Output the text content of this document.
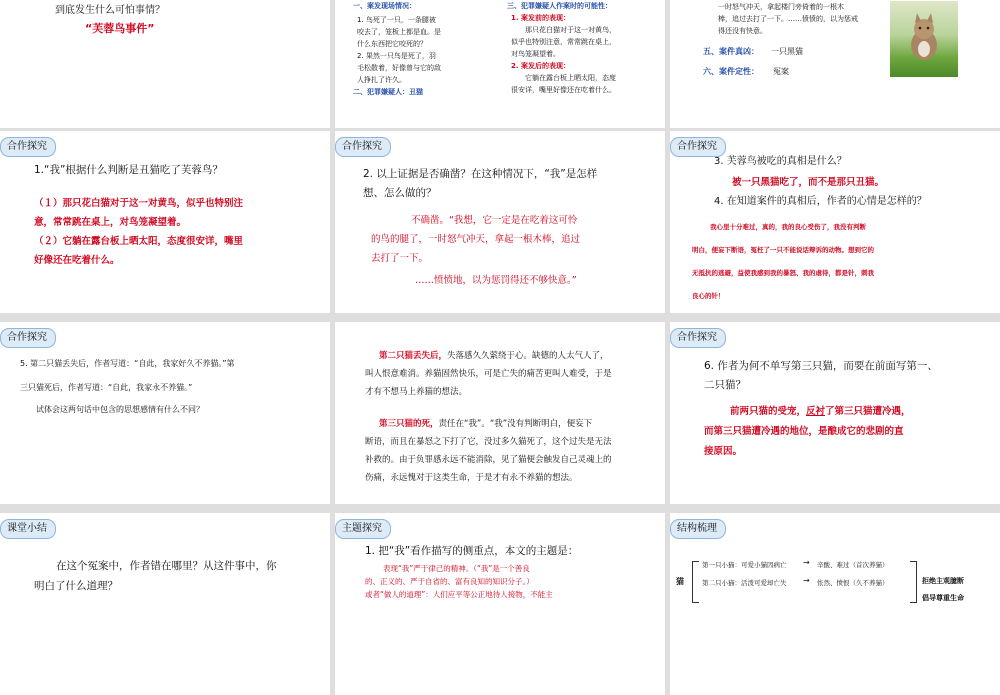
到底发生什么可怕事情？
“芙蓉鸟事件”
一、案发现场情况：
1. 鸟死了一只，一条腿被
咬去了，笼板上都是血。是
什么东西把它咬死的？
2. 果然一只鸟是死了，羽
毛松散着，好像曾与它的敌
人挣扎了许久。
二、犯罪嫌疑人：丑猫
三、犯罪嫌疑人作案时的可能性：
1. 案发前的表现：
那只花白猫对于这一对黄鸟，
似乎也特别注意，常常跳在桌上，
对鸟笼凝望着。
2. 案发后的表现：
它躺在露台板上晒太阳，态度
很安详，嘴里好像还在吃着什么。
一时怒气冲天，拿起楼门旁倚着的一根木
棒，追过去打了一下。……愤愤的，以为惩戒
得还没有快意。
五、案件真凶： 一只黑猫
六、案件定性： 冤案
合作探究
1.“我”根据什么判断是丑猫吃了芙蓉鸟？
（１）那只花白猫对于这一对黄鸟，似乎也特别注
意，常常跳在桌上，对鸟笼凝望着。
（２）它躺在露台板上晒太阳，态度很安详，嘴里
好像还在吃着什么。
合作探究
2. 以上证据是否确凿？在这种情况下，“我”是怎样
想、怎么做的？
不确凿。“我想，它一定是在吃着这可怜
的鸟的腿了，一时怒气冲天，拿起一根木棒，追过
去打了一下。
……愤愤地，以为惩罚得还不够快意。”
合作探究
3. 芙蓉鸟被吃的真相是什么？
被一只黑猫吃了，而不是那只丑猫。
4. 在知道案件的真相后，作者的心情是怎样的？
我心里十分难过，真的，我的良心受伤了，我没有判断
明白，便妄下断语，冤枉了一只不能说话辩诉的动物。想到它的
无抵抗的逃避，益使我感到我的暴怒、我的虐待，都是针，刺我
良心的针！
合作探究
5. 第二只猫丢失后，作者写道：“自此，我家好久不养猫。”第
三只猫死后，作者写道：“自此，我家永不养猫。”
试体会这两句话中包含的思想感情有什么不同？
第二只猫丢失后，失落感久久萦绕于心。缺德的人太气人了，
叫人恨意难消。养猫固然快乐，可是亡失的痛苦更叫人难受，于是
才有不想马上养猫的想法。
第三只猫的死，责任在“我”。“我”没有判断明白，便妄下
断语，而且在暴怒之下打了它，没过多久猫死了，这个过失是无法
补救的。由于负罪感永远不能消除，见了猫便会触发自己灵魂上的
伤痛，永远愧对于这类生命，于是才有永不养猫的想法。
合作探究
6. 作者为何不单写第三只猫，而要在前面写第一、
二只猫？
前两只猫的受宠，反衬了第三只猫遭冷遇，
而第三只猫遭冷遇的地位，是酿成它的悲剧的直
接原因。
课堂小结
在这个冤案中，作者错在哪里？从这件事中，你
明白了什么道理？
主题探究
1. 把“我”看作描写的侧重点，本文的主题是：
表现“我”严于律己的精神。（“我”是一个善良
的、正义的、严于自省的、富有良知的知识分子。）
或者“做人的道理”：人们应平等公正地待人接物，不能主
结构梳理
猫
第一只小猫：可爱小猫因病亡 → 辛酸、难过（首次养猫）
第二只小猫：活泼可爱却亡失 → 怅然、愤恨（久不养猫）	拒绝主观臆断
倡导尊重生命
